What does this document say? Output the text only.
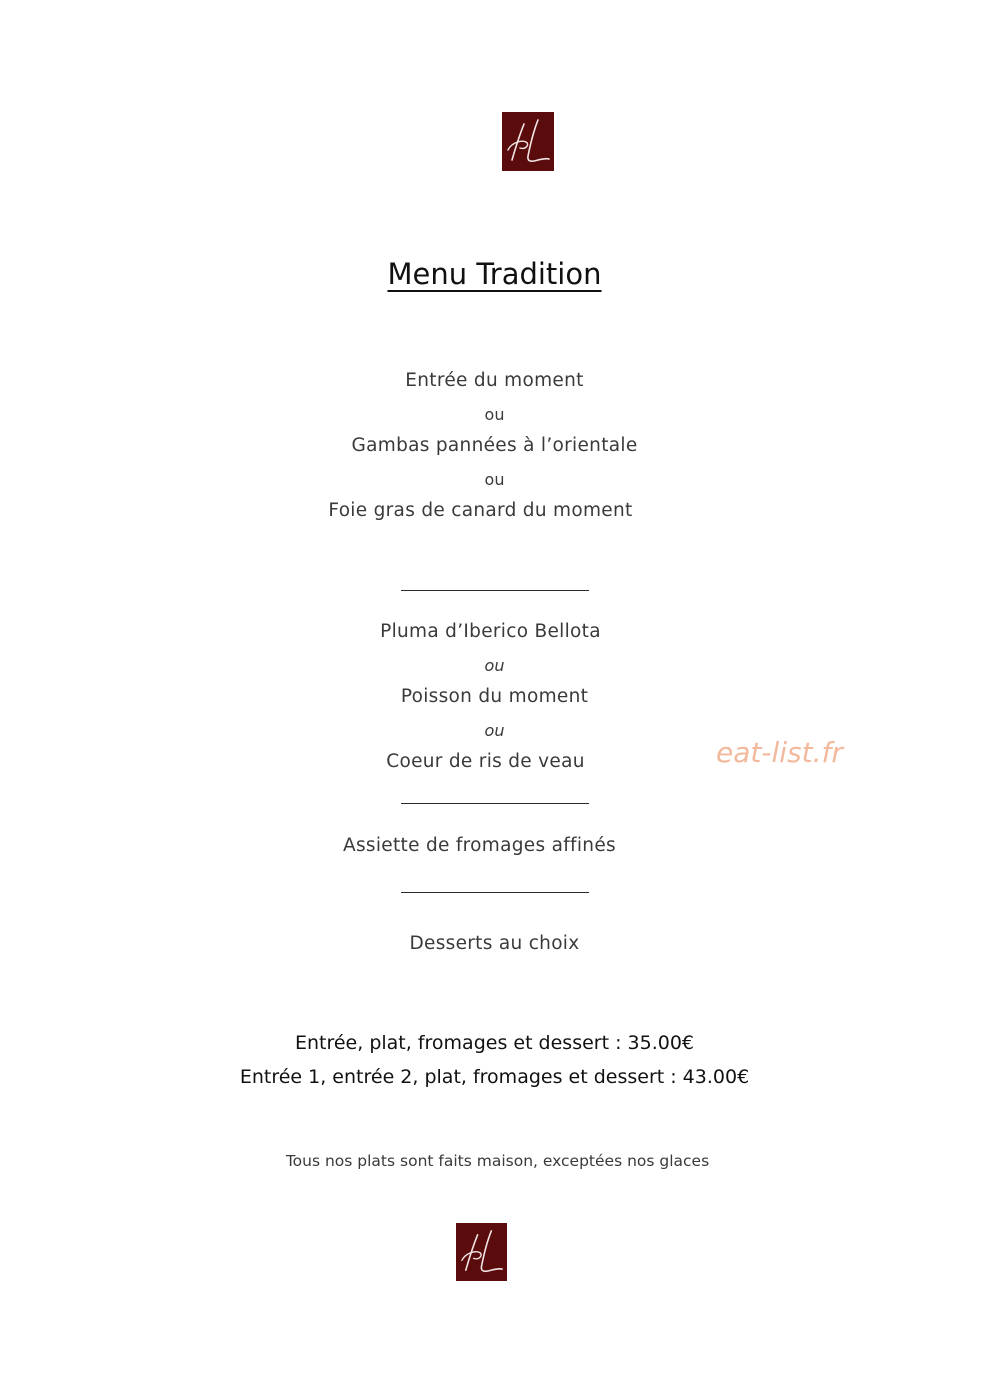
Menu Tradition
Entrée du moment
ou
Gambas pannées à l’orientale
ou
Foie gras de canard du moment
Pluma d’Iberico Bellota
ou
Poisson du moment
ou
Coeur de ris de veau	eat-list.fr
Assiette de fromages affinés
Desserts au choix
Entrée, plat, fromages et dessert : 35.00€
Entrée 1, entrée 2, plat, fromages et dessert : 43.00€
Tous nos plats sont faits maison, exceptées nos glaces
